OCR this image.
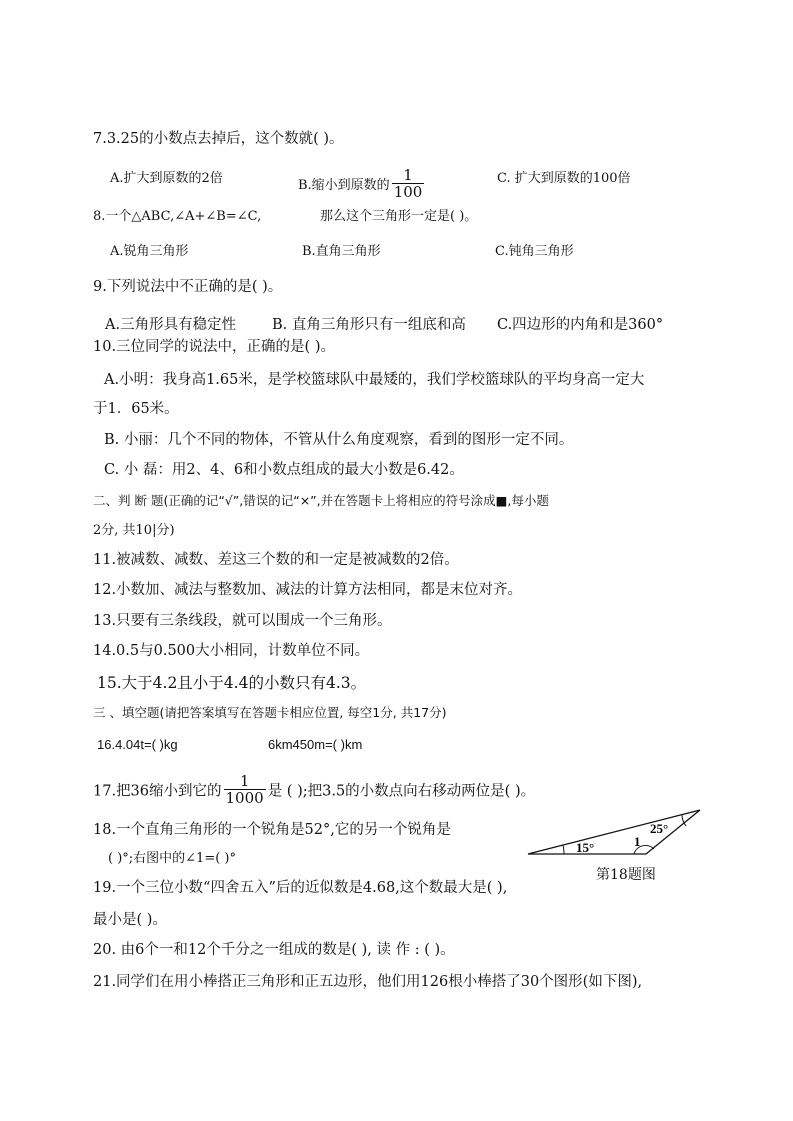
7.3.25的小数点去掉后，这个数就( )。
A.扩大到原数的2倍	B.缩小到原数的 $\frac{1}{100}$	C. 扩大到原数的100倍
8.一个△ABC,∠A+∠B=∠C,	那么这个三角形一定是( )。
A.锐角三角形	B.直角三角形	C.钝角三角形
9.下列说法中不正确的是( )。
A.三角形具有稳定性 B. 直角三角形只有一组底和高 C.四边形的内角和是360°
10.三位同学的说法中，正确的是( )。
A.小明：我身高1.65米，是学校篮球队中最矮的，我们学校篮球队的平均身高一定大
于1．65米。
B. 小丽：几个不同的物体，不管从什么角度观察，看到的图形一定不同。
C. 小 磊：用2、4、6和小数点组成的最大小数是6.42。
二、判 断 题(正确的记“√”,错误的记“×”,并在答题卡上将相应的符号涂成■,每小题
2分, 共10|分)
11.被减数、减数、差这三个数的和一定是被减数的2倍。
12.小数加、减法与整数加、减法的计算方法相同，都是末位对齐。
13.只要有三条线段，就可以围成一个三角形。
14.0.5与0.500大小相同，计数单位不同。
15.大于4.2且小于4.4的小数只有4.3。
三 、填空题(请把答案填写在答题卡相应位置, 每空1分, 共17分)
16.4.04t=( )kg	6km450m=( )km
17.把36缩小到它的 $\frac{1}{1000}$ 是 ( );把3.5的小数点向右移动两位是( )。
18.一个直角三角形的一个锐角是52°,它的另一个锐角是
( )°;右图中的∠1=( )°
15°	1
25°
第18题图
19.一个三位小数“四舍五入”后的近似数是4.68,这个数最大是( ),
最小是( )。
20. 由6个一和12个千分之一组成的数是( ), 读 作 : ( )。
21.同学们在用小棒搭正三角形和正五边形，他们用126根小棒搭了30个图形(如下图),
